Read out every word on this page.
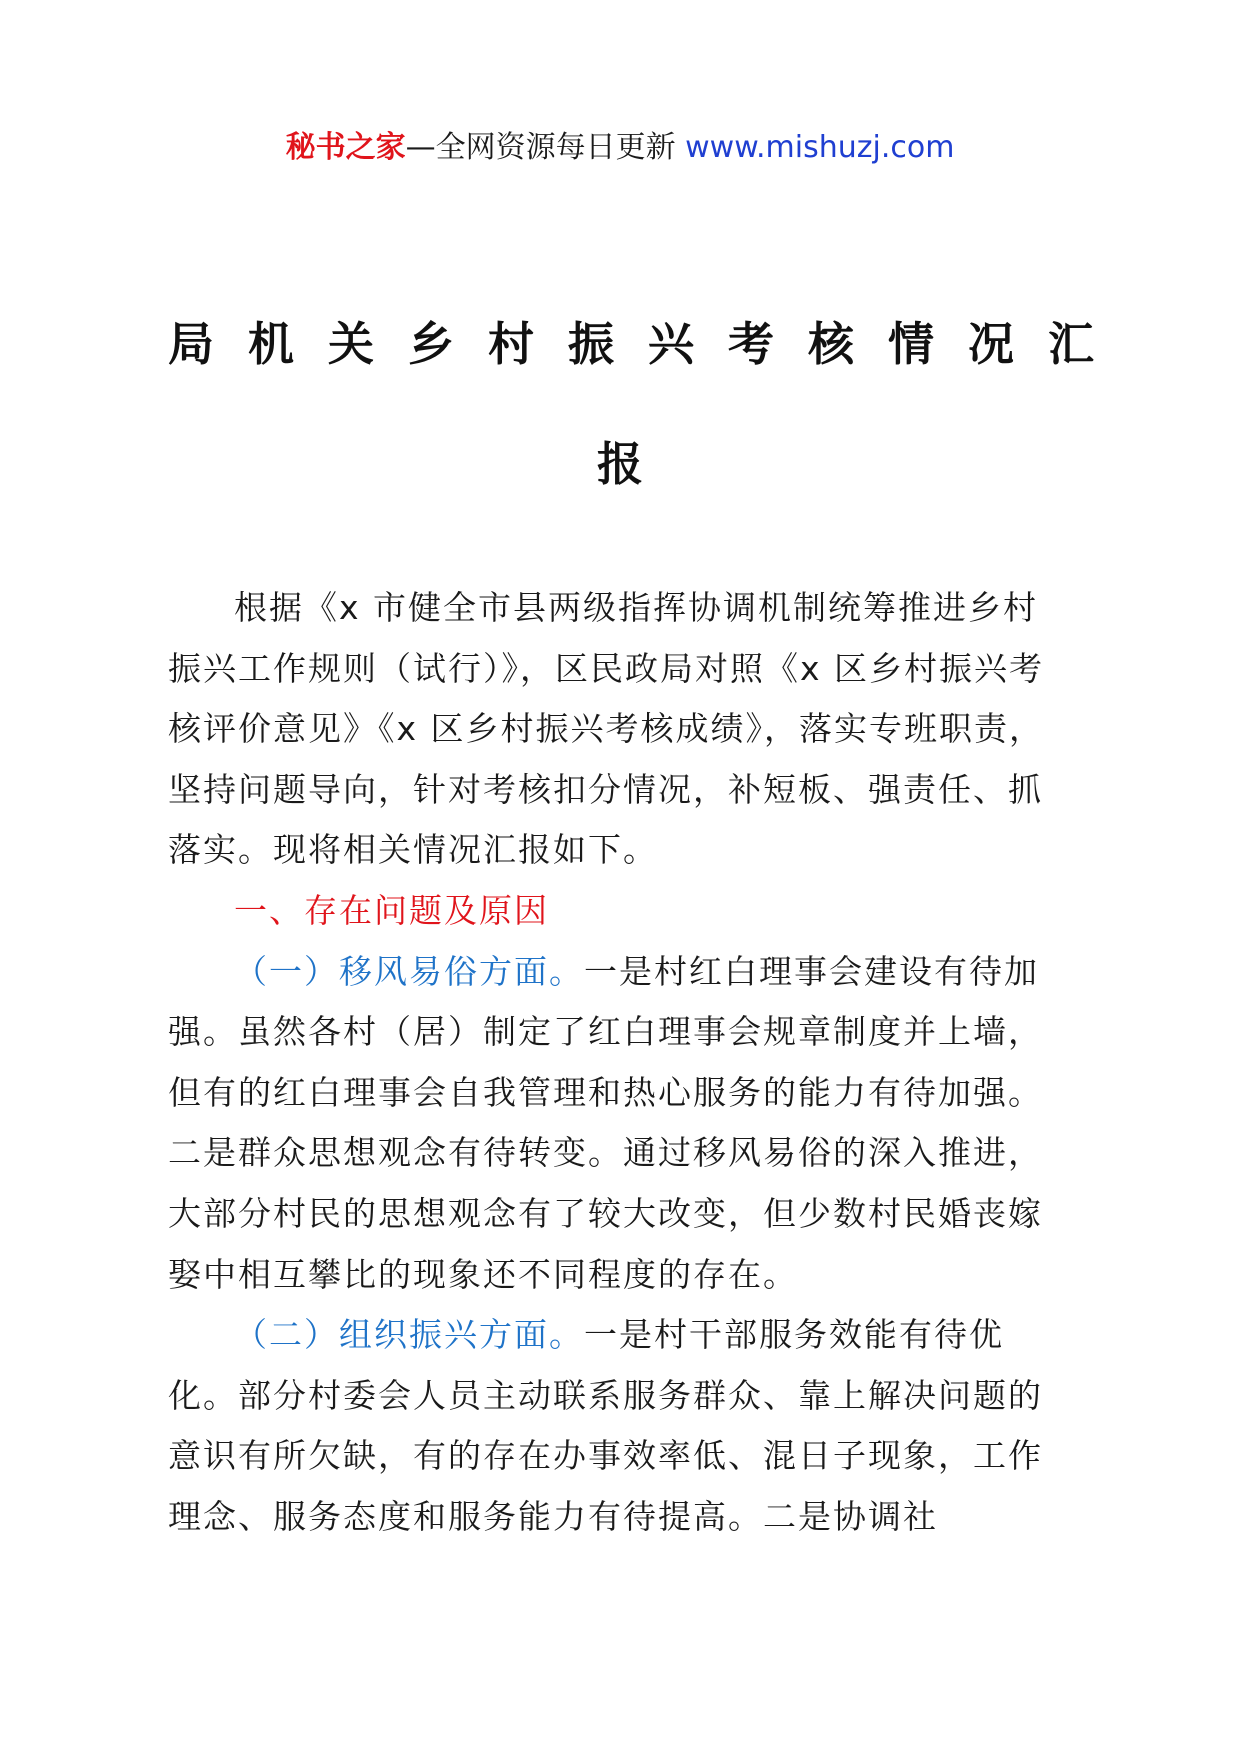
秘书之家—全网资源每日更新 www.mishuzj.com
局机关乡村振兴考核情况汇
报

根据《x 市健全市县两级指挥协调机制统筹推进乡村振兴工作规则（试行）》，区民政局对照《x 区乡村振兴考核评价意见》《x 区乡村振兴考核成绩》，落实专班职责，坚持问题导向，针对考核扣分情况，补短板、强责任、抓落实。现将相关情况汇报如下。

一、存在问题及原因

（一）移风易俗方面。一是村红白理事会建设有待加强。虽然各村（居）制定了红白理事会规章制度并上墙，但有的红白理事会自我管理和热心服务的能力有待加强。二是群众思想观念有待转变。通过移风易俗的深入推进，大部分村民的思想观念有了较大改变，但少数村民婚丧嫁娶中相互攀比的现象还不同程度的存在。

（二）组织振兴方面。一是村干部服务效能有待优化。部分村委会人员主动联系服务群众、靠上解决问题的意识有所欠缺，有的存在办事效率低、混日子现象，工作理念、服务态度和服务能力有待提高。二是协调社
